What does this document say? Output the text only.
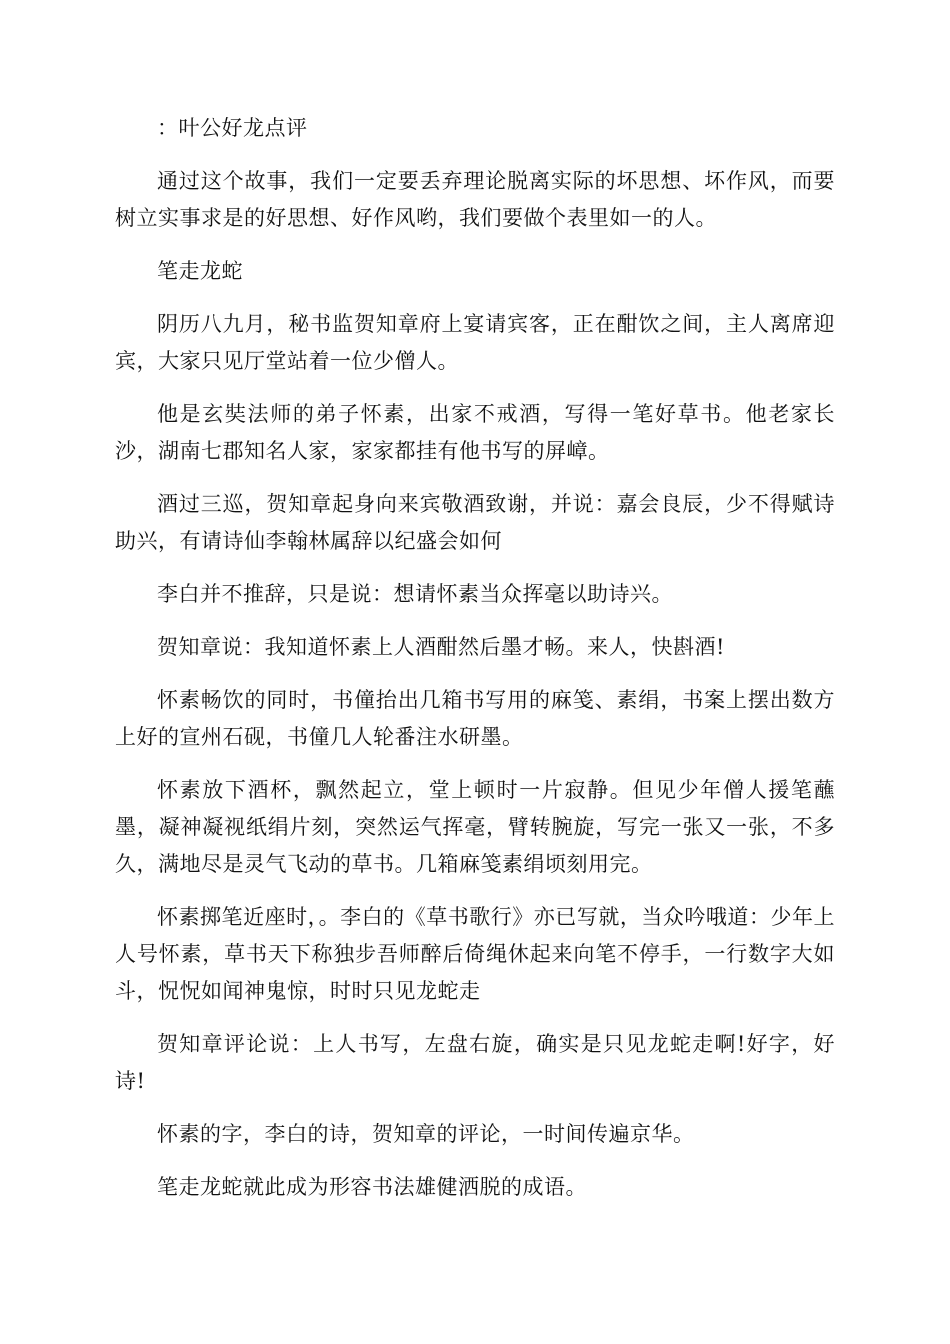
：叶公好龙点评

通过这个故事，我们一定要丢弃理论脱离实际的坏思想、坏作风，而要树立实事求是的好思想、好作风哟，我们要做个表里如一的人。

笔走龙蛇

阴历八九月，秘书监贺知章府上宴请宾客，正在酣饮之间，主人离席迎宾，大家只见厅堂站着一位少僧人。

他是玄奘法师的弟子怀素，出家不戒酒，写得一笔好草书。他老家长沙，湖南七郡知名人家，家家都挂有他书写的屏嶂。

酒过三巡，贺知章起身向来宾敬酒致谢，并说：嘉会良辰，少不得赋诗助兴，有请诗仙李翰林属辞以纪盛会如何

李白并不推辞，只是说：想请怀素当众挥毫以助诗兴。

贺知章说：我知道怀素上人酒酣然后墨才畅。来人，快斟酒!

怀素畅饮的同时，书僮抬出几箱书写用的麻笺、素绢，书案上摆出数方上好的宣州石砚，书僮几人轮番注水研墨。

怀素放下酒杯，飘然起立，堂上顿时一片寂静。但见少年僧人援笔蘸墨，凝神凝视纸绢片刻，突然运气挥毫，臂转腕旋，写完一张又一张，不多久，满地尽是灵气飞动的草书。几箱麻笺素绢顷刻用完。

怀素掷笔近座时，。李白的《草书歌行》亦已写就，当众吟哦道：少年上人号怀素，草书天下称独步吾师醉后倚绳休起来向笔不停手，一行数字大如斗，怳怳如闻神鬼惊，时时只见龙蛇走

贺知章评论说：上人书写，左盘右旋，确实是只见龙蛇走啊!好字，好诗!

怀素的字，李白的诗，贺知章的评论，一时间传遍京华。

笔走龙蛇就此成为形容书法雄健洒脱的成语。
